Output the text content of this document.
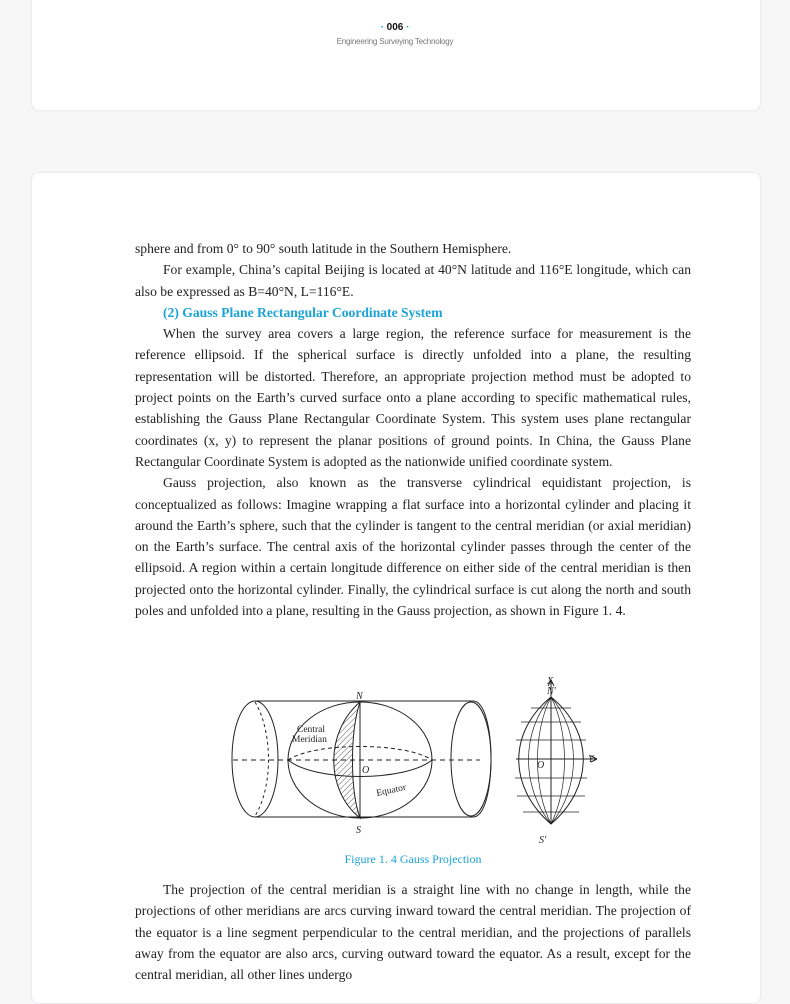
· 006 ·
Engineering Surveying Technology

sphere and from 0° to 90° south latitude in the Southern Hemisphere.

For example, China’s capital Beijing is located at 40°N latitude and 116°E longitude, which can also be expressed as B=40°N, L=116°E.

(2) Gauss Plane Rectangular Coordinate System

When the survey area covers a large region, the reference surface for measurement is the reference ellipsoid. If the spherical surface is directly unfolded into a plane, the resulting representation will be distorted. Therefore, an appropriate projection method must be adopted to project points on the Earth’s curved surface onto a plane according to specific mathematical rules, establishing the Gauss Plane Rectangular Coordinate System. This system uses plane rectangular coordinates (x, y) to represent the planar positions of ground points. In China, the Gauss Plane Rectangular Coordinate System is adopted as the nationwide unified coordinate system.

Gauss projection, also known as the transverse cylindrical equidistant projection, is conceptualized as follows: Imagine wrapping a flat surface into a horizontal cylinder and placing it around the Earth’s sphere, such that the cylinder is tangent to the central meridian (or axial meridian) on the Earth’s surface. The central axis of the horizontal cylinder passes through the center of the ellipsoid. A region within a certain longitude difference on either side of the central meridian is then projected onto the horizontal cylinder. Finally, the cylindrical surface is cut along the north and south poles and unfolded into a plane, resulting in the Gauss projection, as shown in Figure 1. 4.

N
S
O
Central
Meridian
Equator
X
N′
S′
O
Y
Figure 1. 4 Gauss Projection

The projection of the central meridian is a straight line with no change in length, while the projections of other meridians are arcs curving inward toward the central meridian. The projection of the equator is a line segment perpendicular to the central meridian, and the projections of parallels away from the equator are also arcs, curving outward toward the equator. As a result, except for the central meridian, all other lines undergo
